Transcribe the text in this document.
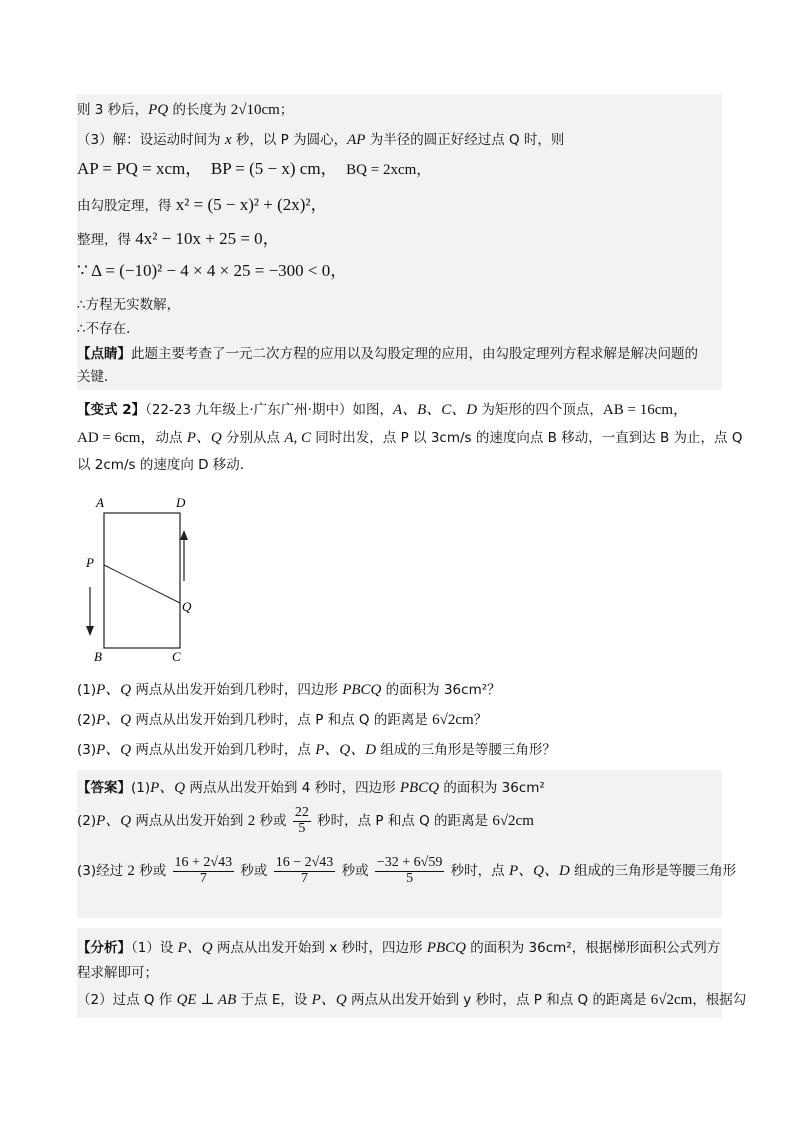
则 3 秒后，PQ 的长度为 2√10cm；
（3）解：设运动时间为 x 秒，以 P 为圆心，AP 为半径的圆正好经过点 Q 时，则
AP = PQ = xcm， BP = (5 − x) cm， BQ = 2xcm，
由勾股定理，得 x² = (5 − x)² + (2x)²，
整理，得 4x² − 10x + 25 = 0，
∵ Δ = (−10)² − 4 × 4 × 25 = −300 < 0，
∴方程无实数解，
∴不存在．
【点睛】此题主要考查了一元二次方程的应用以及勾股定理的应用，由勾股定理列方程求解是解决问题的
关键．
【变式 2】（22-23 九年级上·广东广州·期中）如图，A、B、C、D 为矩形的四个顶点，AB = 16cm，
AD = 6cm，动点 P、Q 分别从点 A, C 同时出发，点 P 以 3cm/s 的速度向点 B 移动，一直到达 B 为止，点 Q
以 2cm/s 的速度向 D 移动．
A	D
P
Q
B	C
(1)P、Q 两点从出发开始到几秒时，四边形 PBCQ 的面积为 36cm²？
(2)P、Q 两点从出发开始到几秒时，点 P 和点 Q 的距离是 6√2cm？
(3)P、Q 两点从出发开始到几秒时，点 P、Q、D 组成的三角形是等腰三角形？
【答案】(1)P、Q 两点从出发开始到 4 秒时，四边形 PBCQ 的面积为 36cm²
(2)P、Q 两点从出发开始到 2 秒或 $\frac{22}{5}$ 秒时，点 P 和点 Q 的距离是 6√2cm
(3)经过 2 秒或 $\frac{16 + 2√43}{7}$ 秒或 $\frac{16 - 2√43}{7}$ 秒或 $\frac{-32 + 6√59}{5}$ 秒时，点 P、Q、D 组成的三角形是等腰三角形
【分析】（1）设 P、Q 两点从出发开始到 x 秒时，四边形 PBCQ 的面积为 36cm²，根据梯形面积公式列方
程求解即可；
（2）过点 Q 作 QE ⊥ AB 于点 E，设 P、Q 两点从出发开始到 y 秒时，点 P 和点 Q 的距离是 6√2cm，根据勾
